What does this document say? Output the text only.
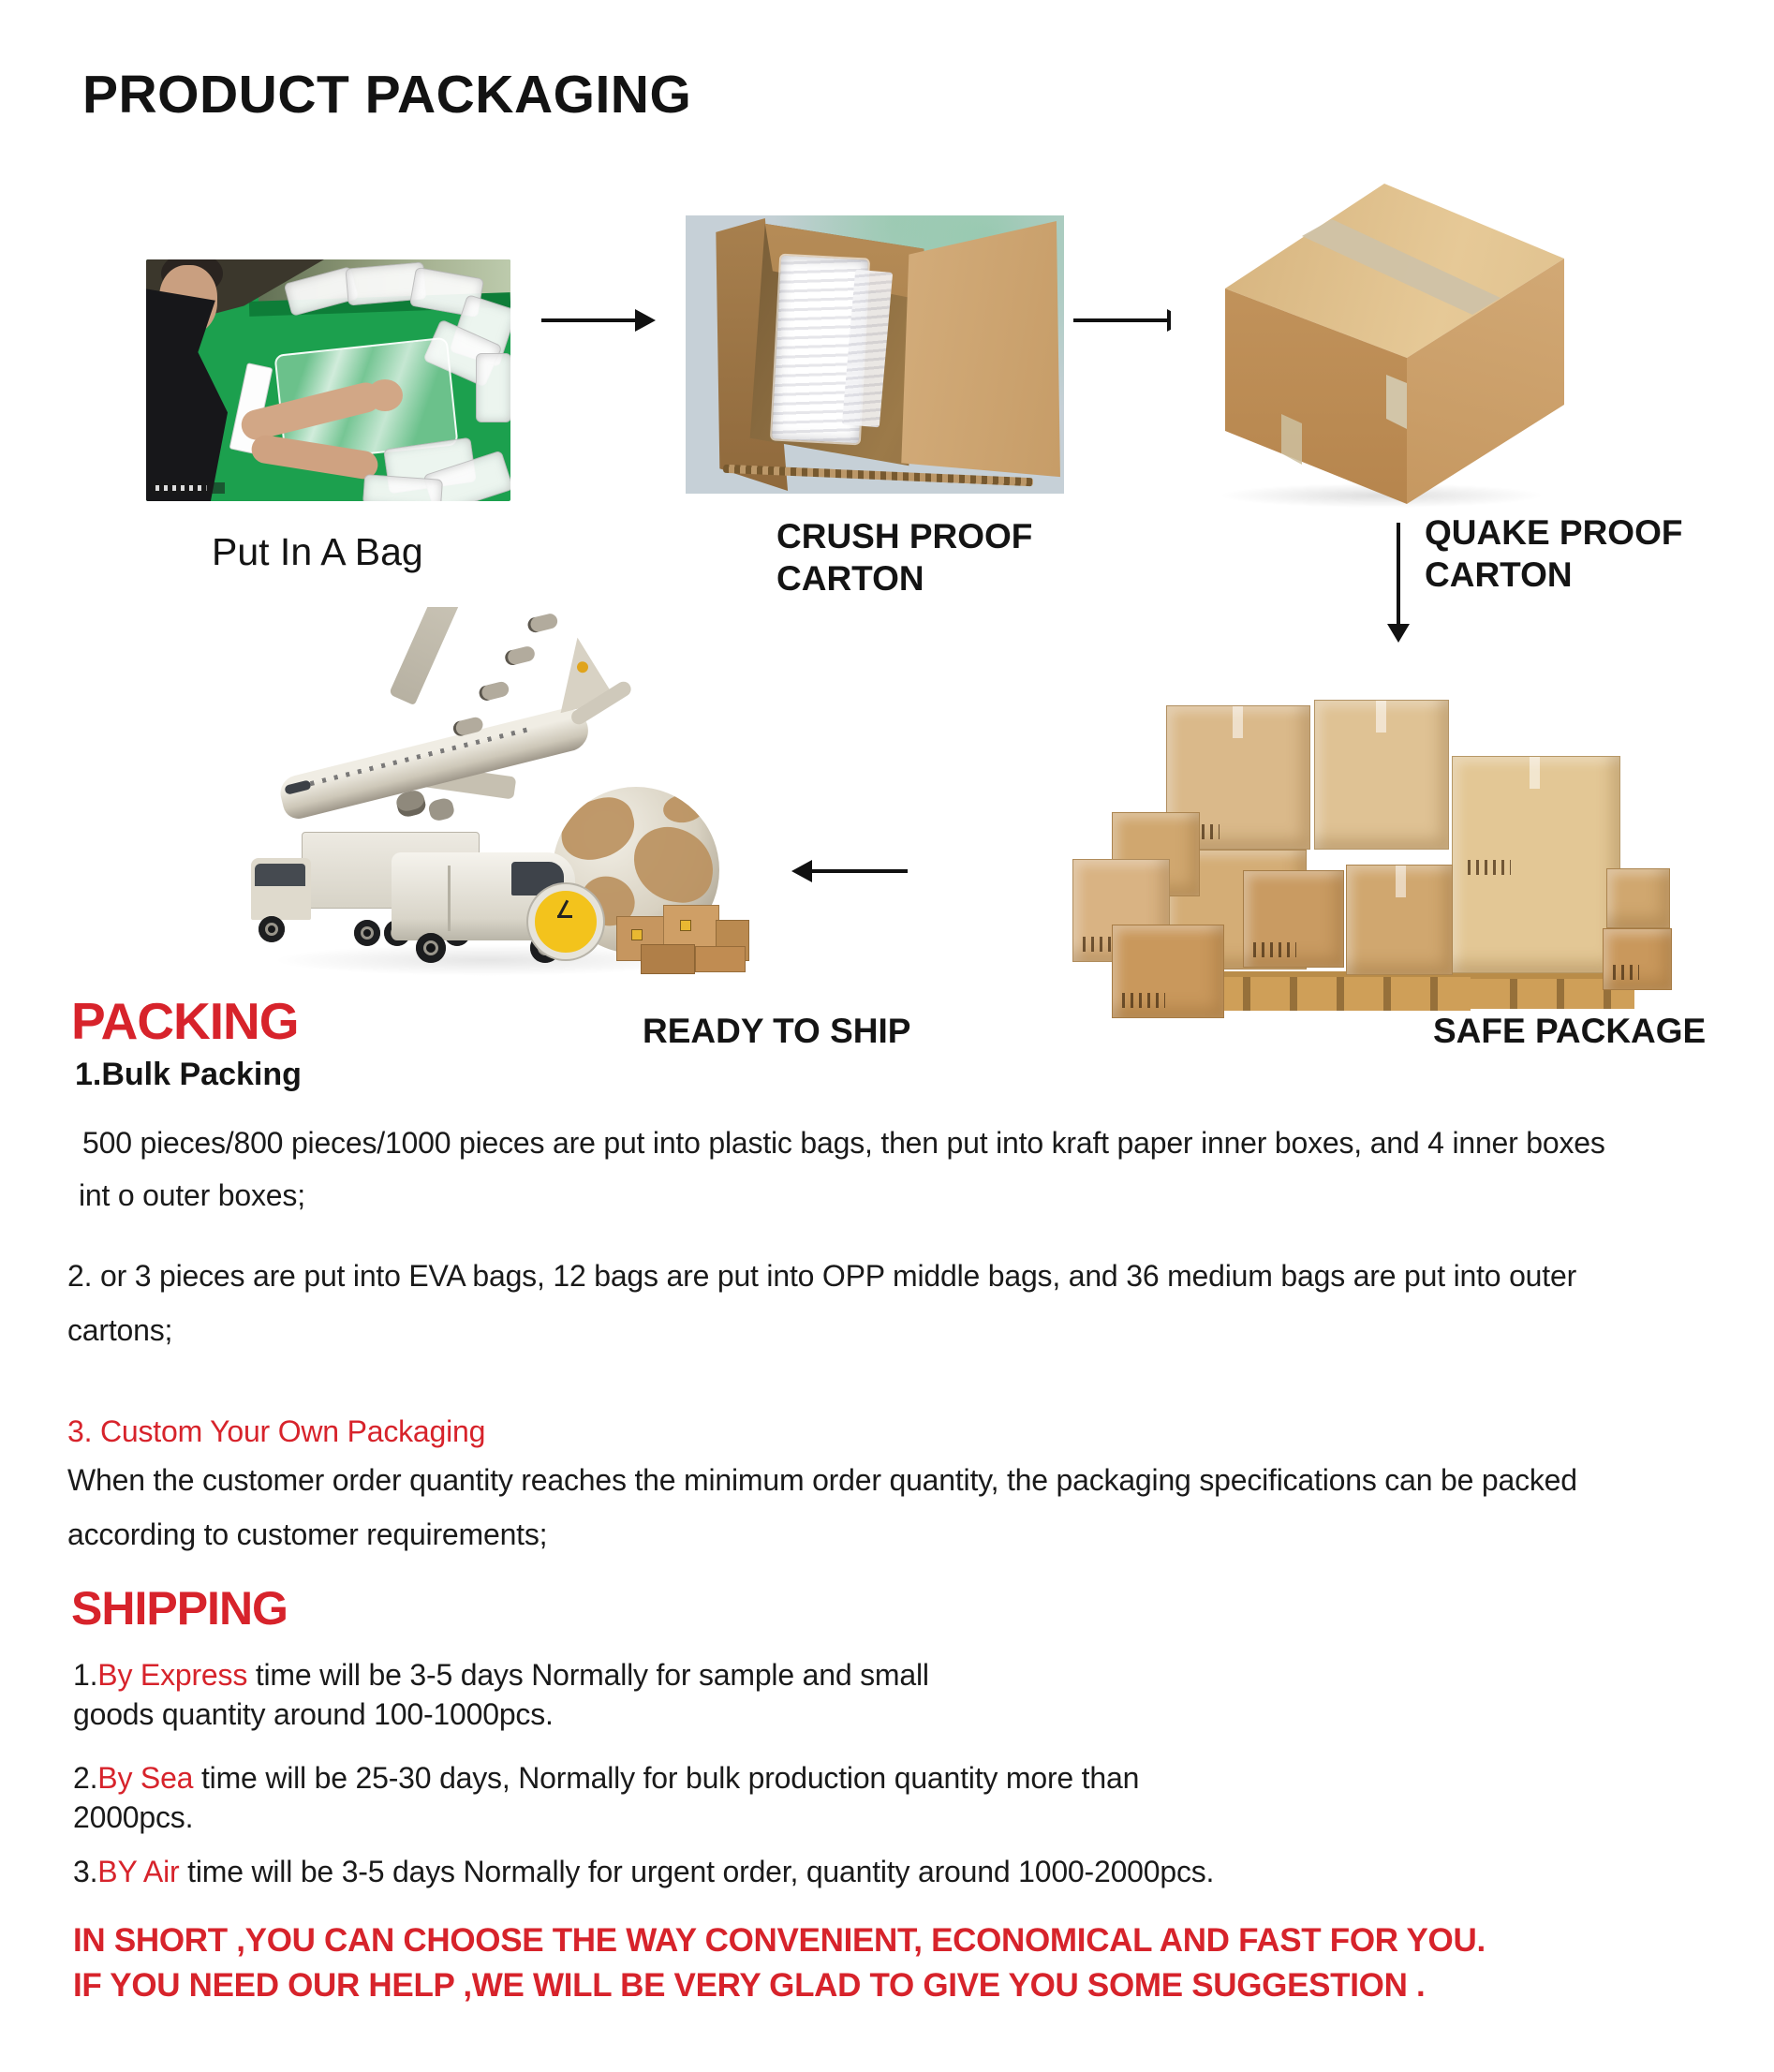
PRODUCT PACKAGING
Put In A Bag	CRUSH PROOF
CARTON
QUAKE PROOF
CARTON
PACKING	READY TO SHIP	SAFE PACKAGE
1.Bulk Packing
500 pieces/800 pieces/1000 pieces are put into plastic bags, then put into kraft paper inner boxes, and 4 inner boxes
int o outer boxes;
2. or 3 pieces are put into EVA bags, 12 bags are put into OPP middle bags, and 36 medium bags are put into outer
cartons;
3. Custom Your Own Packaging
When the customer order quantity reaches the minimum order quantity, the packaging specifications can be packed
according to customer requirements;
SHIPPING
1.By Express time will be 3-5 days Normally for sample and small
goods quantity around 100-1000pcs.
2.By Sea time will be 25-30 days, Normally for bulk production quantity more than
2000pcs.
3.BY Air time will be 3-5 days Normally for urgent order, quantity around 1000-2000pcs.
IN SHORT ,YOU CAN CHOOSE THE WAY CONVENIENT, ECONOMICAL AND FAST FOR YOU.
IF YOU NEED OUR HELP ,WE WILL BE VERY GLAD TO GIVE YOU SOME SUGGESTION .
